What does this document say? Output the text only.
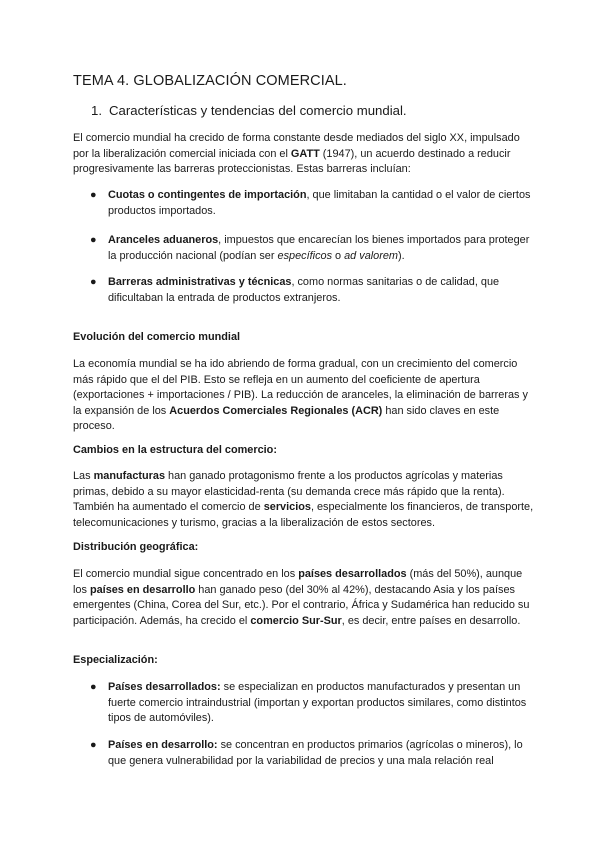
TEMA 4. GLOBALIZACIÓN COMERCIAL.
1. Características y tendencias del comercio mundial.

El comercio mundial ha crecido de forma constante desde mediados del siglo XX, impulsado por la liberalización comercial iniciada con el GATT (1947), un acuerdo destinado a reducir progresivamente las barreras proteccionistas. Estas barreras incluían:

●	Cuotas o contingentes de importación, que limitaban la cantidad o el valor de ciertos productos importados.
●	Aranceles aduaneros, impuestos que encarecían los bienes importados para proteger la producción nacional (podían ser específicos o ad valorem).
●	Barreras administrativas y técnicas, como normas sanitarias o de calidad, que dificultaban la entrada de productos extranjeros.
Evolución del comercio mundial

La economía mundial se ha ido abriendo de forma gradual, con un crecimiento del comercio más rápido que el del PIB. Esto se refleja en un aumento del coeficiente de apertura (exportaciones + importaciones / PIB). La reducción de aranceles, la eliminación de barreras y la expansión de los Acuerdos Comerciales Regionales (ACR) han sido claves en este proceso.

Cambios en la estructura del comercio:

Las manufacturas han ganado protagonismo frente a los productos agrícolas y materias primas, debido a su mayor elasticidad-renta (su demanda crece más rápido que la renta). También ha aumentado el comercio de servicios, especialmente los financieros, de transporte, telecomunicaciones y turismo, gracias a la liberalización de estos sectores.

Distribución geográfica:

El comercio mundial sigue concentrado en los países desarrollados (más del 50%), aunque los países en desarrollo han ganado peso (del 30% al 42%), destacando Asia y los países emergentes (China, Corea del Sur, etc.). Por el contrario, África y Sudamérica han reducido su participación. Además, ha crecido el comercio Sur-Sur, es decir, entre países en desarrollo.

Especialización:
●	Países desarrollados: se especializan en productos manufacturados y presentan un fuerte comercio intraindustrial (importan y exportan productos similares, como distintos tipos de automóviles).
●	Países en desarrollo: se concentran en productos primarios (agrícolas o mineros), lo que genera vulnerabilidad por la variabilidad de precios y una mala relación real
